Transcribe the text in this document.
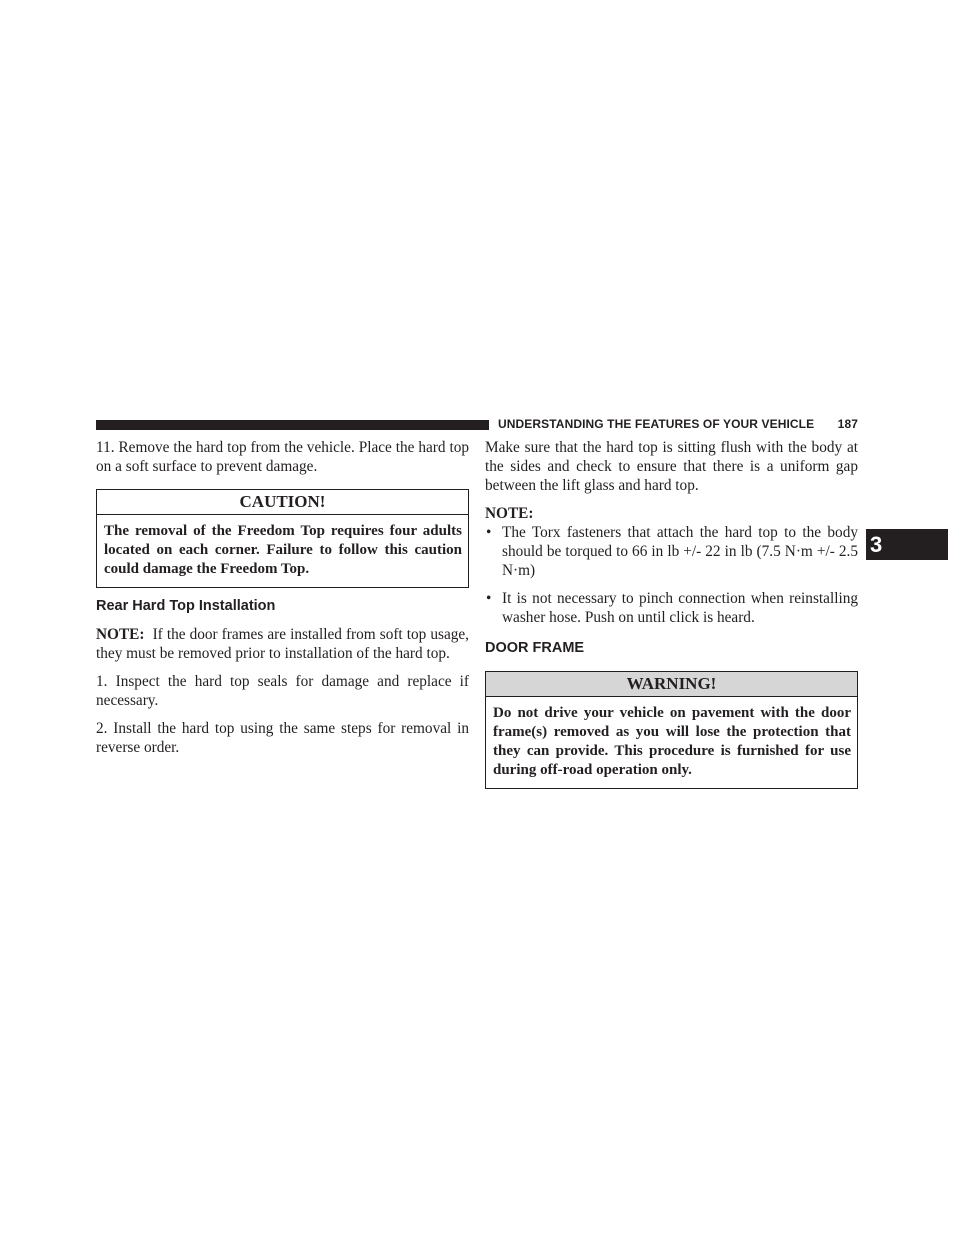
UNDERSTANDING THE FEATURES OF YOUR VEHICLE 187
3

11. Remove the hard top from the vehicle. Place the hard top on a soft surface to prevent damage.

CAUTION!
The removal of the Freedom Top requires four adults located on each corner. Failure to follow this caution could damage the Freedom Top.
Rear Hard Top Installation

NOTE: If the door frames are installed from soft top usage, they must be removed prior to installation of the hard top.

1. Inspect the hard top seals for damage and replace if necessary.

2. Install the hard top using the same steps for removal in reverse order.

Make sure that the hard top is sitting flush with the body at the sides and check to ensure that there is a uniform gap between the lift glass and hard top.

NOTE:

• The Torx fasteners that attach the hard top to the body should be torqued to 66 in lb +/- 22 in lb (7.5 N·m +/- 2.5 N·m)
• It is not necessary to pinch connection when reinstalling washer hose. Push on until click is heard.
DOOR FRAME
WARNING!
Do not drive your vehicle on pavement with the door frame(s) removed as you will lose the protection that they can provide. This procedure is furnished for use during off-road operation only.
